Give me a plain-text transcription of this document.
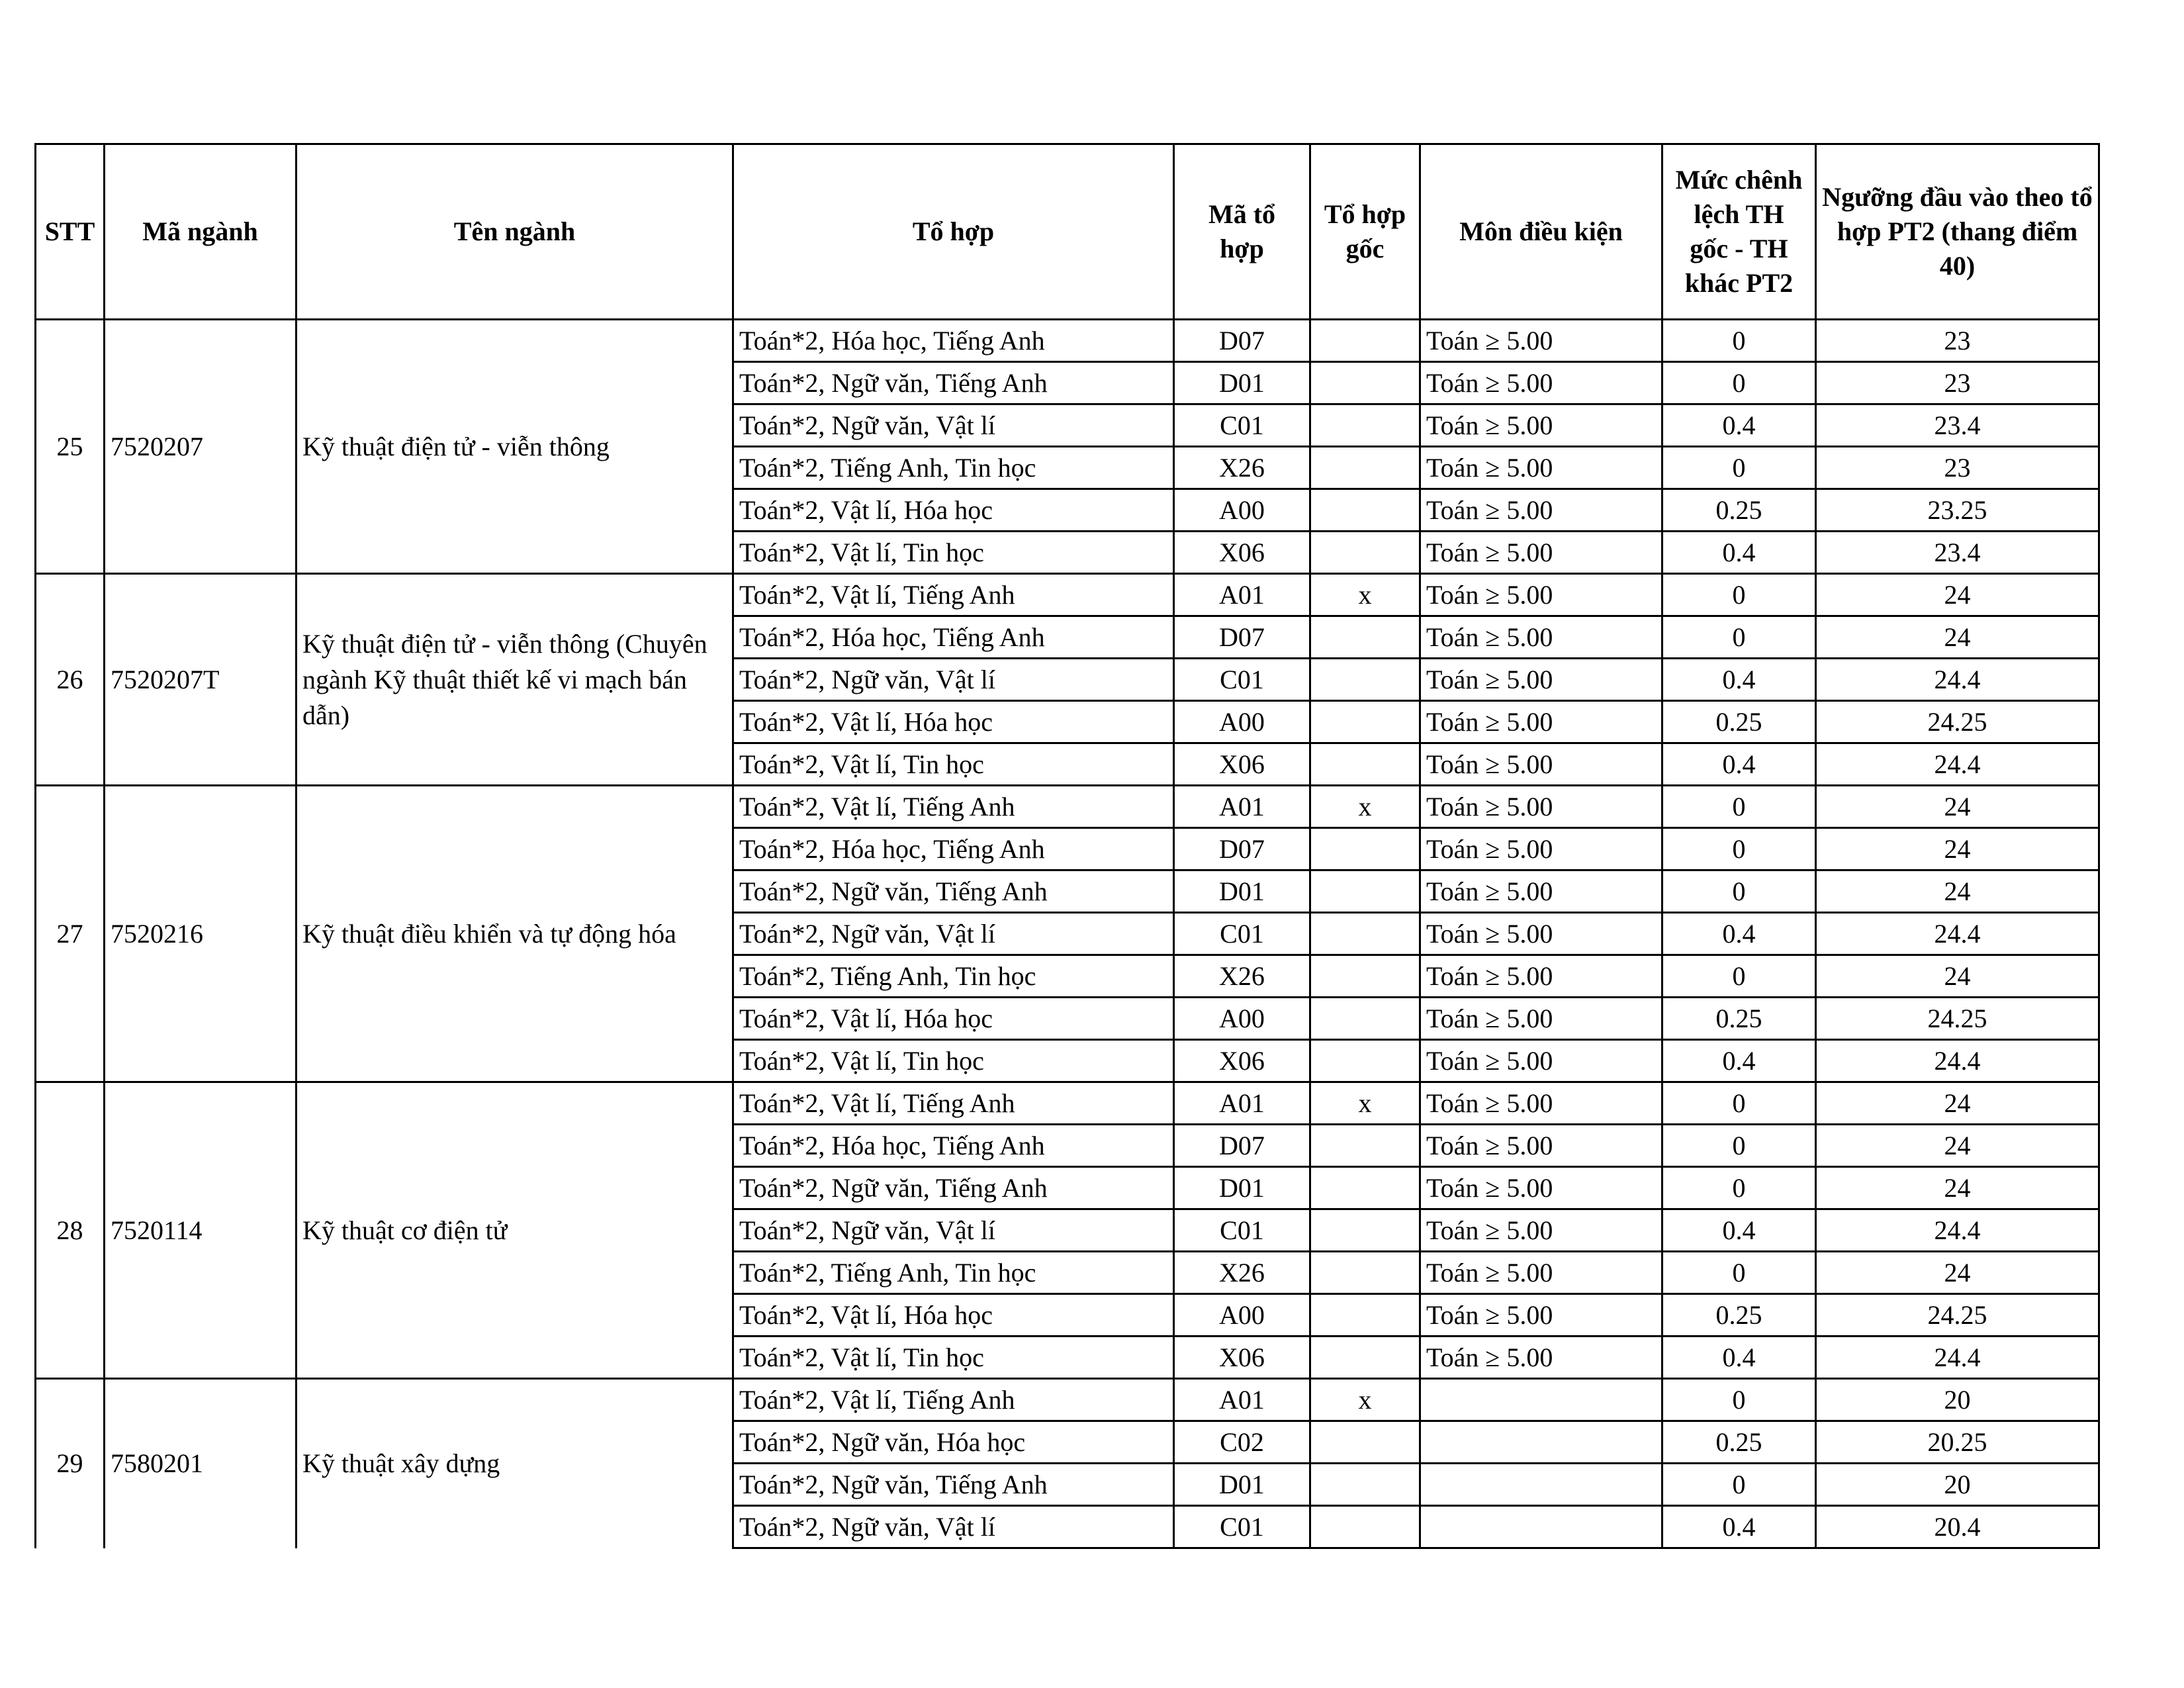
STT	Mã ngành	Tên ngành	Tổ hợp	Mã tổ hợp	Tổ hợp gốc	Môn điều kiện	Mức chênh lệch TH gốc - TH khác PT2	Ngưỡng đầu vào theo tổ hợp PT2 (thang điểm 40)
25	7520207	Kỹ thuật điện tử - viễn thông	Toán*2, Hóa học, Tiếng Anh	D07		Toán ≥ 5.00	0	23
			Toán*2, Ngữ văn, Tiếng Anh	D01		Toán ≥ 5.00	0	23
			Toán*2, Ngữ văn, Vật lí	C01		Toán ≥ 5.00	0.4	23.4
			Toán*2, Tiếng Anh, Tin học	X26		Toán ≥ 5.00	0	23
			Toán*2, Vật lí, Hóa học	A00		Toán ≥ 5.00	0.25	23.25
			Toán*2, Vật lí, Tin học	X06		Toán ≥ 5.00	0.4	23.4
26	7520207T	Kỹ thuật điện tử - viễn thông (Chuyên ngành Kỹ thuật thiết kế vi mạch bán dẫn)	Toán*2, Vật lí, Tiếng Anh	A01	x	Toán ≥ 5.00	0	24
			Toán*2, Hóa học, Tiếng Anh	D07		Toán ≥ 5.00	0	24
			Toán*2, Ngữ văn, Vật lí	C01		Toán ≥ 5.00	0.4	24.4
			Toán*2, Vật lí, Hóa học	A00		Toán ≥ 5.00	0.25	24.25
			Toán*2, Vật lí, Tin học	X06		Toán ≥ 5.00	0.4	24.4
27	7520216	Kỹ thuật điều khiển và tự động hóa	Toán*2, Vật lí, Tiếng Anh	A01	x	Toán ≥ 5.00	0	24
			Toán*2, Hóa học, Tiếng Anh	D07		Toán ≥ 5.00	0	24
			Toán*2, Ngữ văn, Tiếng Anh	D01		Toán ≥ 5.00	0	24
			Toán*2, Ngữ văn, Vật lí	C01		Toán ≥ 5.00	0.4	24.4
			Toán*2, Tiếng Anh, Tin học	X26		Toán ≥ 5.00	0	24
			Toán*2, Vật lí, Hóa học	A00		Toán ≥ 5.00	0.25	24.25
			Toán*2, Vật lí, Tin học	X06		Toán ≥ 5.00	0.4	24.4
28	7520114	Kỹ thuật cơ điện tử	Toán*2, Vật lí, Tiếng Anh	A01	x	Toán ≥ 5.00	0	24
			Toán*2, Hóa học, Tiếng Anh	D07		Toán ≥ 5.00	0	24
			Toán*2, Ngữ văn, Tiếng Anh	D01		Toán ≥ 5.00	0	24
			Toán*2, Ngữ văn, Vật lí	C01		Toán ≥ 5.00	0.4	24.4
			Toán*2, Tiếng Anh, Tin học	X26		Toán ≥ 5.00	0	24
			Toán*2, Vật lí, Hóa học	A00		Toán ≥ 5.00	0.25	24.25
			Toán*2, Vật lí, Tin học	X06		Toán ≥ 5.00	0.4	24.4
29	7580201	Kỹ thuật xây dựng	Toán*2, Vật lí, Tiếng Anh	A01	x		0	20
			Toán*2, Ngữ văn, Hóa học	C02			0.25	20.25
			Toán*2, Ngữ văn, Tiếng Anh	D01			0	20
			Toán*2, Ngữ văn, Vật lí	C01			0.4	20.4
